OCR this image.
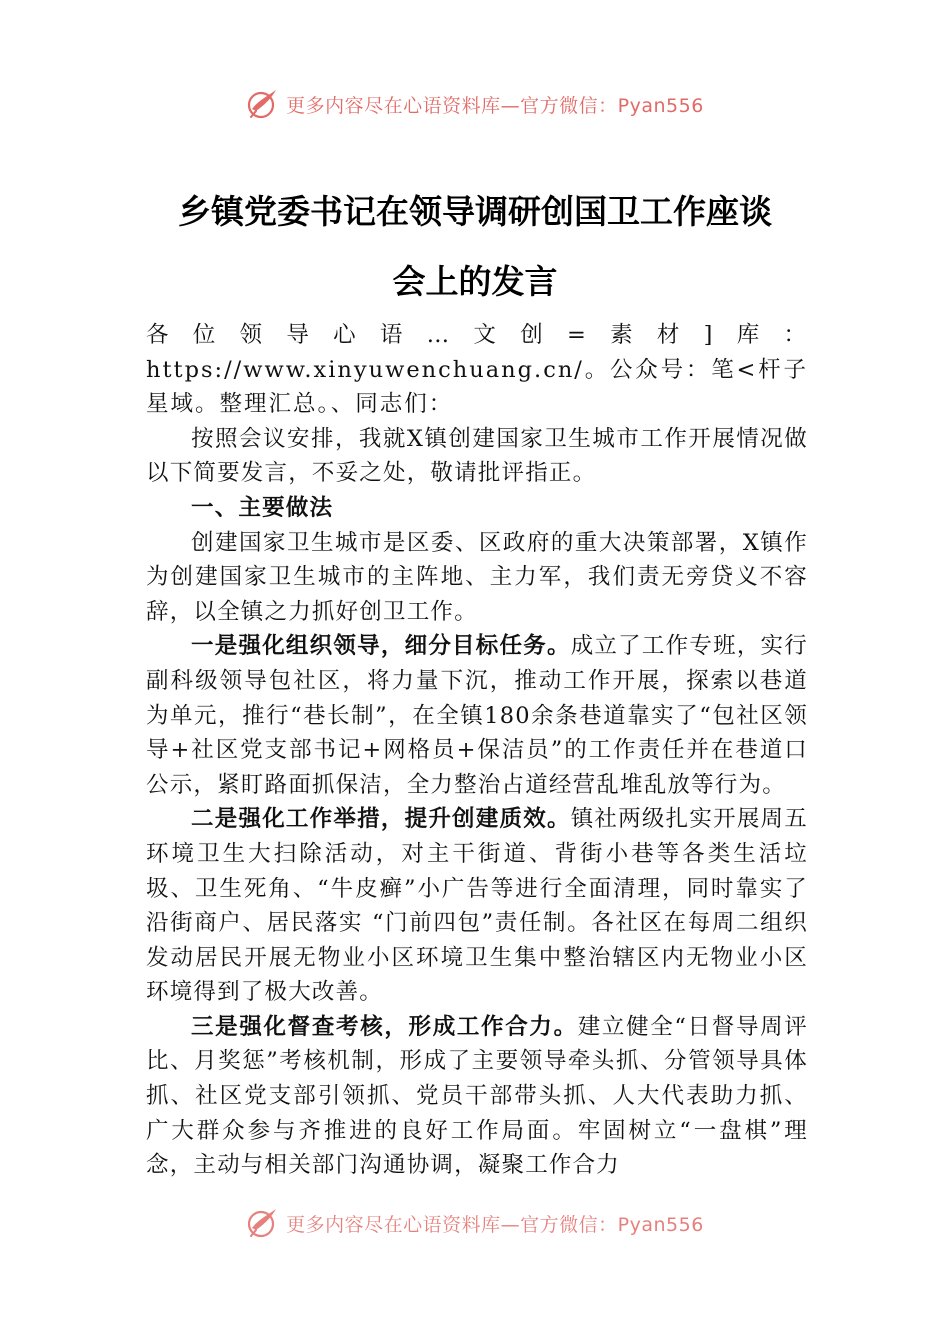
更多内容尽在心语资料库—官方微信：Pyan556
乡镇党委书记在领导调研创国卫工作座谈
会上的发言

各位领导心语…文创=素材]库：https://www.xinyuwenchuang.cn/。公众号：笔<杆子星域。整理汇总。、同志们：

按照会议安排，我就X镇创建国家卫生城市工作开展情况做以下简要发言，不妥之处，敬请批评指正。

一、主要做法

创建国家卫生城市是区委、区政府的重大决策部署，X镇作为创建国家卫生城市的主阵地、主力军，我们责无旁贷义不容辞，以全镇之力抓好创卫工作。

一是强化组织领导，细分目标任务。成立了工作专班，实行副科级领导包社区，将力量下沉，推动工作开展，探索以巷道为单元，推行“巷长制”，在全镇180余条巷道靠实了“包社区领导+社区党支部书记+网格员+保洁员”的工作责任并在巷道口公示，紧盯路面抓保洁，全力整治占道经营乱堆乱放等行为。

二是强化工作举措，提升创建质效。镇社两级扎实开展周五环境卫生大扫除活动，对主干街道、背街小巷等各类生活垃圾、卫生死角、“牛皮癣”小广告等进行全面清理，同时靠实了沿街商户、居民落实 “门前四包”责任制。各社区在每周二组织发动居民开展无物业小区环境卫生集中整治辖区内无物业小区环境得到了极大改善。

三是强化督查考核，形成工作合力。建立健全“日督导周评比、月奖惩”考核机制，形成了主要领导牵头抓、分管领导具体抓、社区党支部引领抓、党员干部带头抓、人大代表助力抓、广大群众参与齐推进的良好工作局面。牢固树立“一盘棋”理念，主动与相关部门沟通协调，凝聚工作合力

更多内容尽在心语资料库—官方微信：Pyan556
